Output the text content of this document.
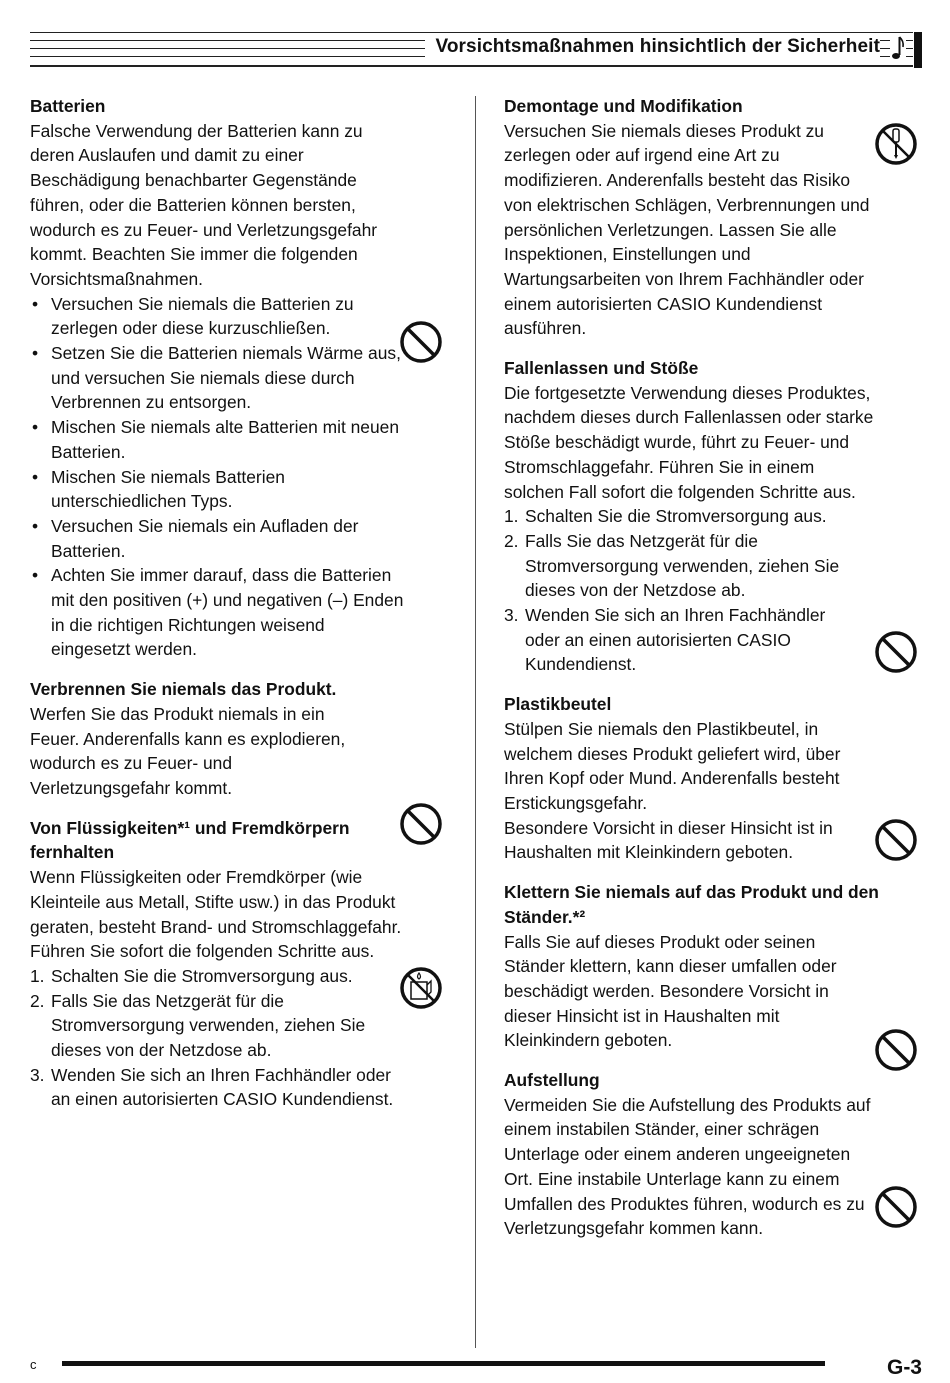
Vorsichtsmaßnahmen hinsichtlich der Sicherheit
Batterien
Falsche Verwendung der Batterien kann zu deren Auslaufen und damit zu einer Beschädigung benachbarter Gegenstände führen, oder die Batterien können bersten, wodurch es zu Feuer- und Verletzungsgefahr kommt. Beachten Sie immer die folgenden Vorsichtsmaßnahmen.
• Versuchen Sie niemals die Batterien zu zerlegen oder diese kurzuschließen.
• Setzen Sie die Batterien niemals Wärme aus, und versuchen Sie niemals diese durch Verbrennen zu entsorgen.
• Mischen Sie niemals alte Batterien mit neuen Batterien.
• Mischen Sie niemals Batterien unterschiedlichen Typs.
• Versuchen Sie niemals ein Aufladen der Batterien.
• Achten Sie immer darauf, dass die Batterien mit den positiven (+) und negativen (–) Enden in die richtigen Richtungen weisend eingesetzt werden.
Verbrennen Sie niemals das Produkt.
Werfen Sie das Produkt niemals in ein Feuer. Anderenfalls kann es explodieren, wodurch es zu Feuer- und Verletzungsgefahr kommt.
Von Flüssigkeiten*¹ und Fremdkörpern fernhalten
Wenn Flüssigkeiten oder Fremdkörper (wie Kleinteile aus Metall, Stifte usw.) in das Produkt geraten, besteht Brand- und Stromschlaggefahr. Führen Sie sofort die folgenden Schritte aus.
1. Schalten Sie die Stromversorgung aus.
2. Falls Sie das Netzgerät für die Stromversorgung verwenden, ziehen Sie dieses von der Netzdose ab.
3. Wenden Sie sich an Ihren Fachhändler oder an einen autorisierten CASIO Kundendienst.
Demontage und Modifikation
Versuchen Sie niemals dieses Produkt zu zerlegen oder auf irgend eine Art zu modifizieren. Anderenfalls besteht das Risiko von elektrischen Schlägen, Verbrennungen und persönlichen Verletzungen. Lassen Sie alle Inspektionen, Einstellungen und Wartungsarbeiten von Ihrem Fachhändler oder einem autorisierten CASIO Kundendienst ausführen.
Fallenlassen und Stöße
Die fortgesetzte Verwendung dieses Produktes, nachdem dieses durch Fallenlassen oder starke Stöße beschädigt wurde, führt zu Feuer- und Stromschlaggefahr. Führen Sie in einem solchen Fall sofort die folgenden Schritte aus.
1. Schalten Sie die Stromversorgung aus.
2. Falls Sie das Netzgerät für die Stromversorgung verwenden, ziehen Sie dieses von der Netzdose ab.
3. Wenden Sie sich an Ihren Fachhändler oder an einen autorisierten CASIO Kundendienst.
Plastikbeutel
Stülpen Sie niemals den Plastikbeutel, in welchem dieses Produkt geliefert wird, über Ihren Kopf oder Mund. Anderenfalls besteht Erstickungsgefahr.
Besondere Vorsicht in dieser Hinsicht ist in Haushalten mit Kleinkindern geboten.
Klettern Sie niemals auf das Produkt und den Ständer.*²
Falls Sie auf dieses Produkt oder seinen Ständer klettern, kann dieser umfallen oder beschädigt werden. Besondere Vorsicht in dieser Hinsicht ist in Haushalten mit Kleinkindern geboten.
Aufstellung
Vermeiden Sie die Aufstellung des Produkts auf einem instabilen Ständer, einer schrägen Unterlage oder einem anderen ungeeigneten Ort. Eine instabile Unterlage kann zu einem Umfallen des Produktes führen, wodurch es zu Verletzungsgefahr kommen kann.
c	G-3
